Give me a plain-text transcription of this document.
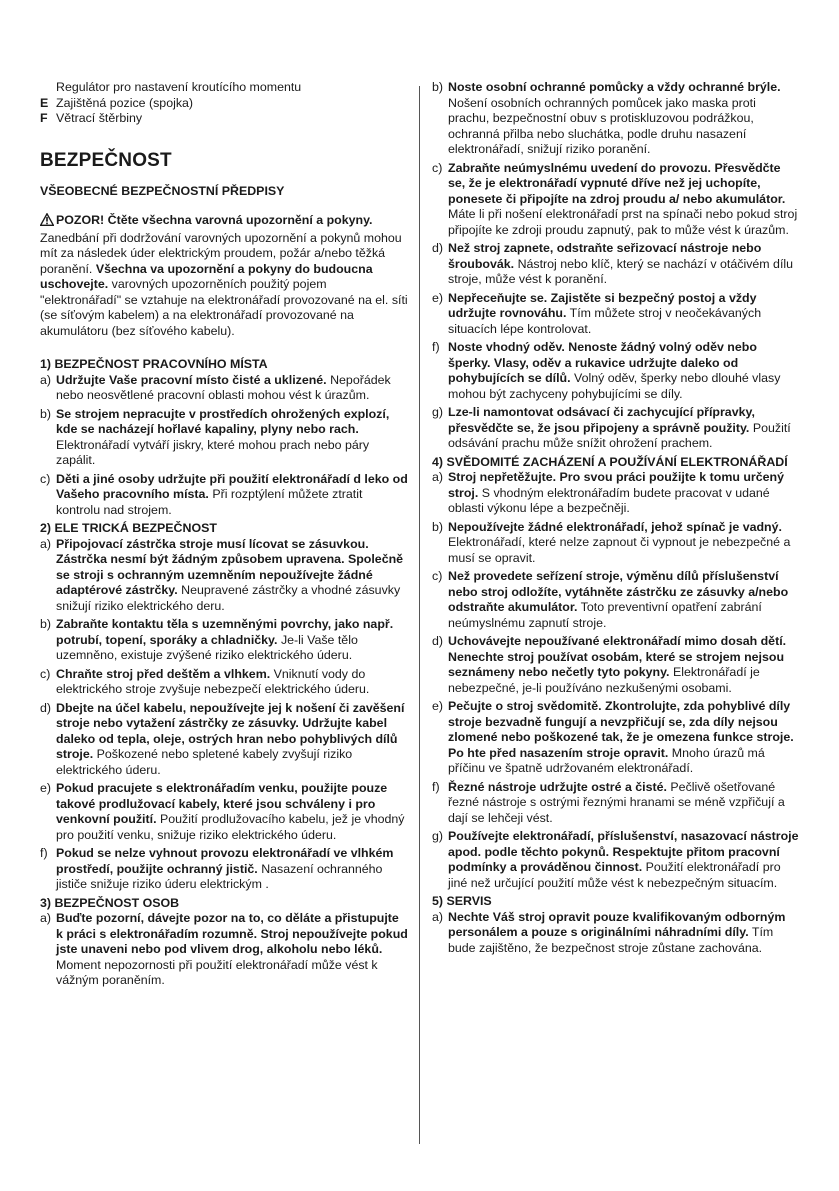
Regulátor pro nastavení kroutícího momentu
E Zajištěná pozice (spojka)
F Větrací štěrbiny
BEZPEČNOST
VŠEOBECNÉ BEZPEČNOSTNÍ PŘEDPISY
POZOR! Čtěte všechna varovná upozornění a pokyny. Zanedbání při dodržování varovných upozornění a pokynů mohou mít za následek úder elektrickým proudem, požár a/nebo těžká poranění. Všechna va upozornění a pokyny do budoucna uschovejte. varovných upozorněních použitý pojem "elektronářadí" se vztahuje na elektronářadí provozované na el. síti (se síťovým kabelem) a na elektronářadí provozované na akumulátoru (bez síťového kabelu).
1) BEZPEČNOST PRACOVNÍHO MÍSTA
a) Udržujte Vaše pracovní místo čisté a uklizené. Nepořádek nebo neosvětlené pracovní oblasti mohou vést k úrazům.
b) Se strojem nepracujte v prostředích ohrožených explozí, kde se nacházejí hořlavé kapaliny, plyny nebo rach. Elektronářadí vytváří jiskry, které mohou prach nebo páry zapálit.
c) Děti a jiné osoby udržujte při použití elektronářadí d leko od Vašeho pracovního místa. Při rozptýlení můžete ztratit kontrolu nad strojem.
2) ELE TRICKÁ BEZPEČNOST
a) Připojovací zástrčka stroje musí lícovat se zásuvkou. Zástrčka nesmí být žádným způsobem upravena. Společně se stroji s ochranným uzemněním nepoužívejte žádné adaptérové zástrčky. Neupravené zástrčky a vhodné zásuvky snižují riziko elektrického deru.
b) Zabraňte kontaktu těla s uzemněnými povrchy, jako např. potrubí, topení, sporáky a chladničky. Je-li Vaše tělo uzemněno, existuje zvýšené riziko elektrického úderu.
c) Chraňte stroj před deštěm a vlhkem. Vniknutí vody do elektrického stroje zvyšuje nebezpečí elektrického úderu.
d) Dbejte na účel kabelu, nepoužívejte jej k nošení či zavěšení stroje nebo vytažení zástrčky ze zásuvky. Udržujte kabel daleko od tepla, oleje, ostrých hran nebo pohyblivých dílů stroje. Poškozené nebo spletené kabely zvyšují riziko elektrického úderu.
e) Pokud pracujete s elektronářadím venku, použijte pouze takové prodlužovací kabely, které jsou schváleny i pro venkovní použití. Použití prodlužovacího kabelu, jež je vhodný pro použití venku, snižuje riziko elektrického úderu.
f) Pokud se nelze vyhnout provozu elektronářadí ve vlhkém prostředí, použijte ochranný jistič. Nasazení ochranného jističe snižuje riziko úderu elektrickým .
3) BEZPEČNOST OSOB
a) Buďte pozorní, dávejte pozor na to, co děláte a přistupujte k práci s elektronářadím rozumně. Stroj nepoužívejte pokud jste unaveni nebo pod vlivem drog, alkoholu nebo léků. Moment nepozornosti při použití elektronářadí může vést k vážným poraněním.
b) Noste osobní ochranné pomůcky a vždy ochranné brýle. Nošení osobních ochranných pomůcek jako maska proti prachu, bezpečnostní obuv s protiskluzovou podrážkou, ochranná přilba nebo sluchátka, podle druhu nasazení elektronářadí, snižují riziko poranění.
c) Zabraňte neúmyslnému uvedení do provozu. Přesvědčte se, že je elektronářadí vypnuté dříve než jej uchopíte, ponesete či připojíte na zdroj proudu a/ nebo akumulátor. Máte li při nošení elektronářadí prst na spínači nebo pokud stroj připojíte ke zdroji proudu zapnutý, pak to může vést k úrazům.
d) Než stroj zapnete, odstraňte seřizovací nástroje nebo šroubovák. Nástroj nebo klíč, který se nachází v otáčivém dílu stroje, může vést k poranění.
e) Nepřeceňujte se. Zajistěte si bezpečný postoj a vždy udržujte rovnováhu. Tím můžete stroj v neočekávaných situacích lépe kontrolovat.
f) Noste vhodný oděv. Nenoste žádný volný oděv nebo šperky. Vlasy, oděv a rukavice udržujte daleko od pohybujících se dílů. Volný oděv, šperky nebo dlouhé vlasy mohou být zachyceny pohybujícími se díly.
g) Lze-li namontovat odsávací či zachycující přípravky, přesvědčte se, že jsou připojeny a správně použity. Použití odsávání prachu může snížit ohrožení prachem.
4) SVĚDOMITÉ ZACHÁZENÍ A POUŽÍVÁNÍ ELEKTRONÁŘADÍ
a) Stroj nepřetěžujte. Pro svou práci použijte k tomu určený stroj. S vhodným elektronářadím budete pracovat v udané oblasti výkonu lépe a bezpečněji.
b) Nepoužívejte žádné elektronářadí, jehož spínač je vadný. Elektronářadí, které nelze zapnout či vypnout je nebezpečné a musí se opravit.
c) Než provedete seřízení stroje, výměnu dílů příslušenství nebo stroj odložíte, vytáhněte zástrčku ze zásuvky a/nebo odstraňte akumulátor. Toto preventivní opatření zabrání neúmyslnému zapnutí stroje.
d) Uchovávejte nepoužívané elektronářadí mimo dosah dětí. Nenechte stroj používat osobám, které se strojem nejsou seznámeny nebo nečetly tyto pokyny. Elektronářadí je nebezpečné, je-li používáno nezkušenými osobami.
e) Pečujte o stroj svědomitě. Zkontrolujte, zda pohyblivé díly stroje bezvadně fungují a nevzpřičují se, zda díly nejsou zlomené nebo poškozené tak, že je omezena funkce stroje. Po hte před nasazením stroje opravit. Mnoho úrazů má příčinu ve špatně udržovaném elektronářadí.
f) Řezné nástroje udržujte ostré a čisté. Pečlivě ošetřované řezné nástroje s ostrými řeznými hranami se méně vzpřičují a dají se lehčeji vést.
g) Používejte elektronářadí, příslušenství, nasazovací nástroje apod. podle těchto pokynů. Respektujte přitom pracovní podmínky a prováděnou činnost. Použití elektronářadí pro jiné než určující použití může vést k nebezpečným situacím.
5) SERVIS
a) Nechte Váš stroj opravit pouze kvalifikovaným odborným personálem a pouze s originálními náhradními díly. Tím bude zajištěno, že bezpečnost stroje zůstane zachována.
